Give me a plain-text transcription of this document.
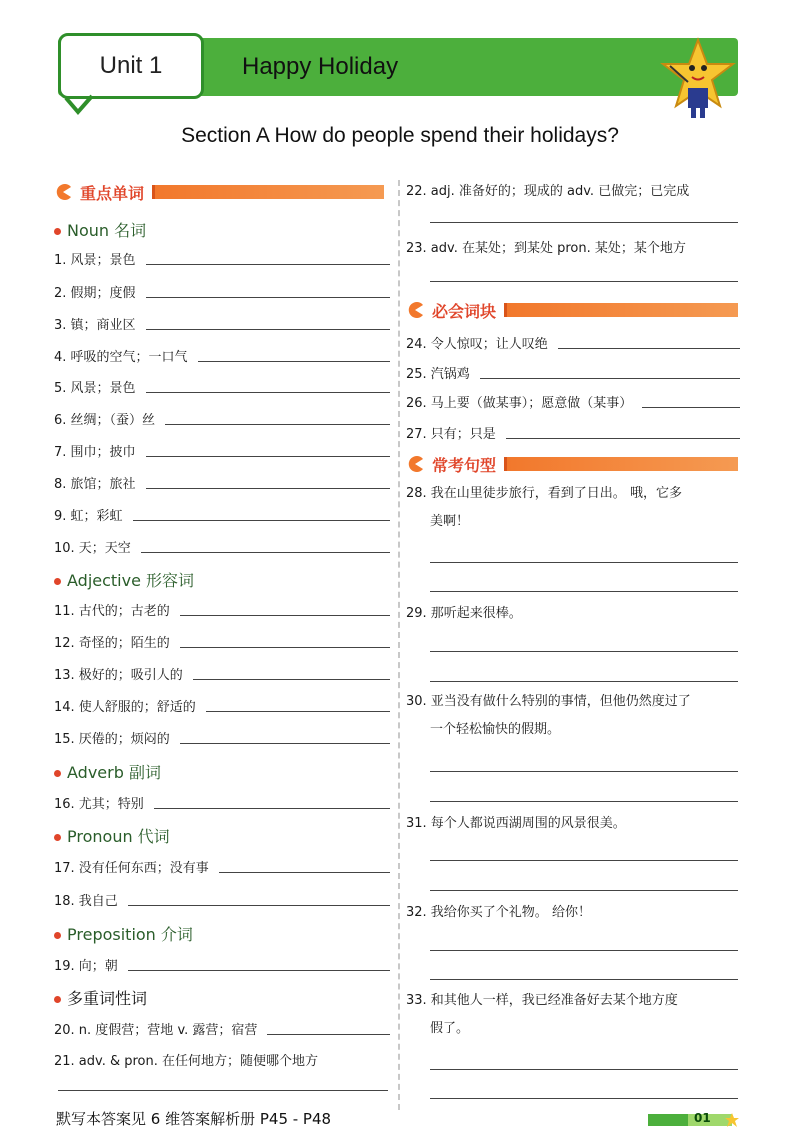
Unit 1	Happy Holiday
Section A How do people spend their holidays?
重点单词
Noun 名词
1. 风景；景色
2. 假期；度假
3. 镇；商业区
4. 呼吸的空气；一口气
5. 风景；景色
6. 丝绸；（蚕）丝
7. 围巾；披巾
8. 旅馆；旅社
9. 虹；彩虹
10. 天；天空
Adjective 形容词
11. 古代的；古老的
12. 奇怪的；陌生的
13. 极好的；吸引人的
14. 使人舒服的；舒适的
15. 厌倦的；烦闷的
Adverb 副词
16. 尤其；特别
Pronoun 代词
17. 没有任何东西；没有事
18. 我自己
Preposition 介词
19. 向；朝
多重词性词
20. n. 度假营；营地 v. 露营；宿营
21. adv. & pron. 在任何地方；随便哪个地方
22. adj. 准备好的；现成的 adv. 已做完；已完成
23. adv. 在某处；到某处 pron. 某处；某个地方
必会词块
24. 令人惊叹；让人叹绝
25. 汽锅鸡
26. 马上要（做某事）；愿意做（某事）
27. 只有；只是
常考句型
28. 我在山里徒步旅行，看到了日出。 哦，它多
美啊！
29. 那听起来很棒。
30. 亚当没有做什么特别的事情，但他仍然度过了
一个轻松愉快的假期。
31. 每个人都说西湖周围的风景很美。
32. 我给你买了个礼物。 给你！
33. 和其他人一样，我已经准备好去某个地方度
假了。
默写本答案见 6 维答案解析册 P45 - P48	01
